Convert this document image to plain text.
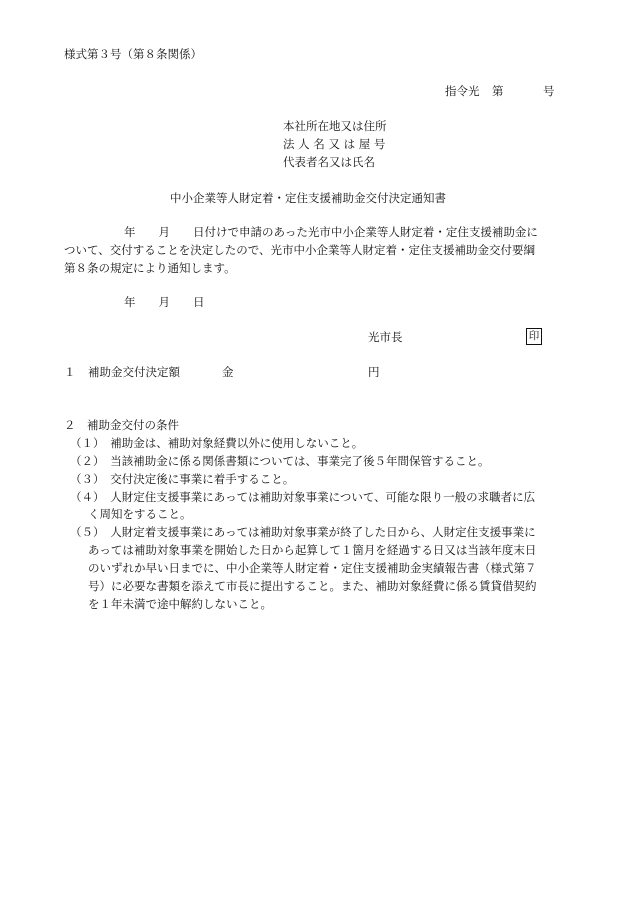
様式第３号（第８条関係）
指令光 第	号
本社所在地又は住所
法 人 名 又 は 屋 号
代表者名又は氏名
中小企業等人財定着・定住支援補助金交付決定通知書
年　　月　　日付けで申請のあった光市中小企業等人財定着・定住支援補助金に
ついて、交付することを決定したので、光市中小企業等人財定着・定住支援補助金交付要綱
第８条の規定により通知します。
年　　月　　日
光市長	印
１ 補助金交付決定額	金	円
２　補助金交付の条件
（１）　補助金は、補助対象経費以外に使用しないこと。
（２）　当該補助金に係る関係書類については、事業完了後５年間保管すること。
（３）　交付決定後に事業に着手すること。
（４）　人財定住支援事業にあっては補助対象事業について、可能な限り一般の求職者に広
く周知をすること。
（５）　人財定着支援事業にあっては補助対象事業が終了した日から、人財定住支援事業に
あっては補助対象事業を開始した日から起算して１箇月を経過する日又は当該年度末日
のいずれか早い日までに、中小企業等人財定着・定住支援補助金実績報告書（様式第７
号）に必要な書類を添えて市長に提出すること。また、補助対象経費に係る賃貸借契約
を１年未満で途中解約しないこと。
